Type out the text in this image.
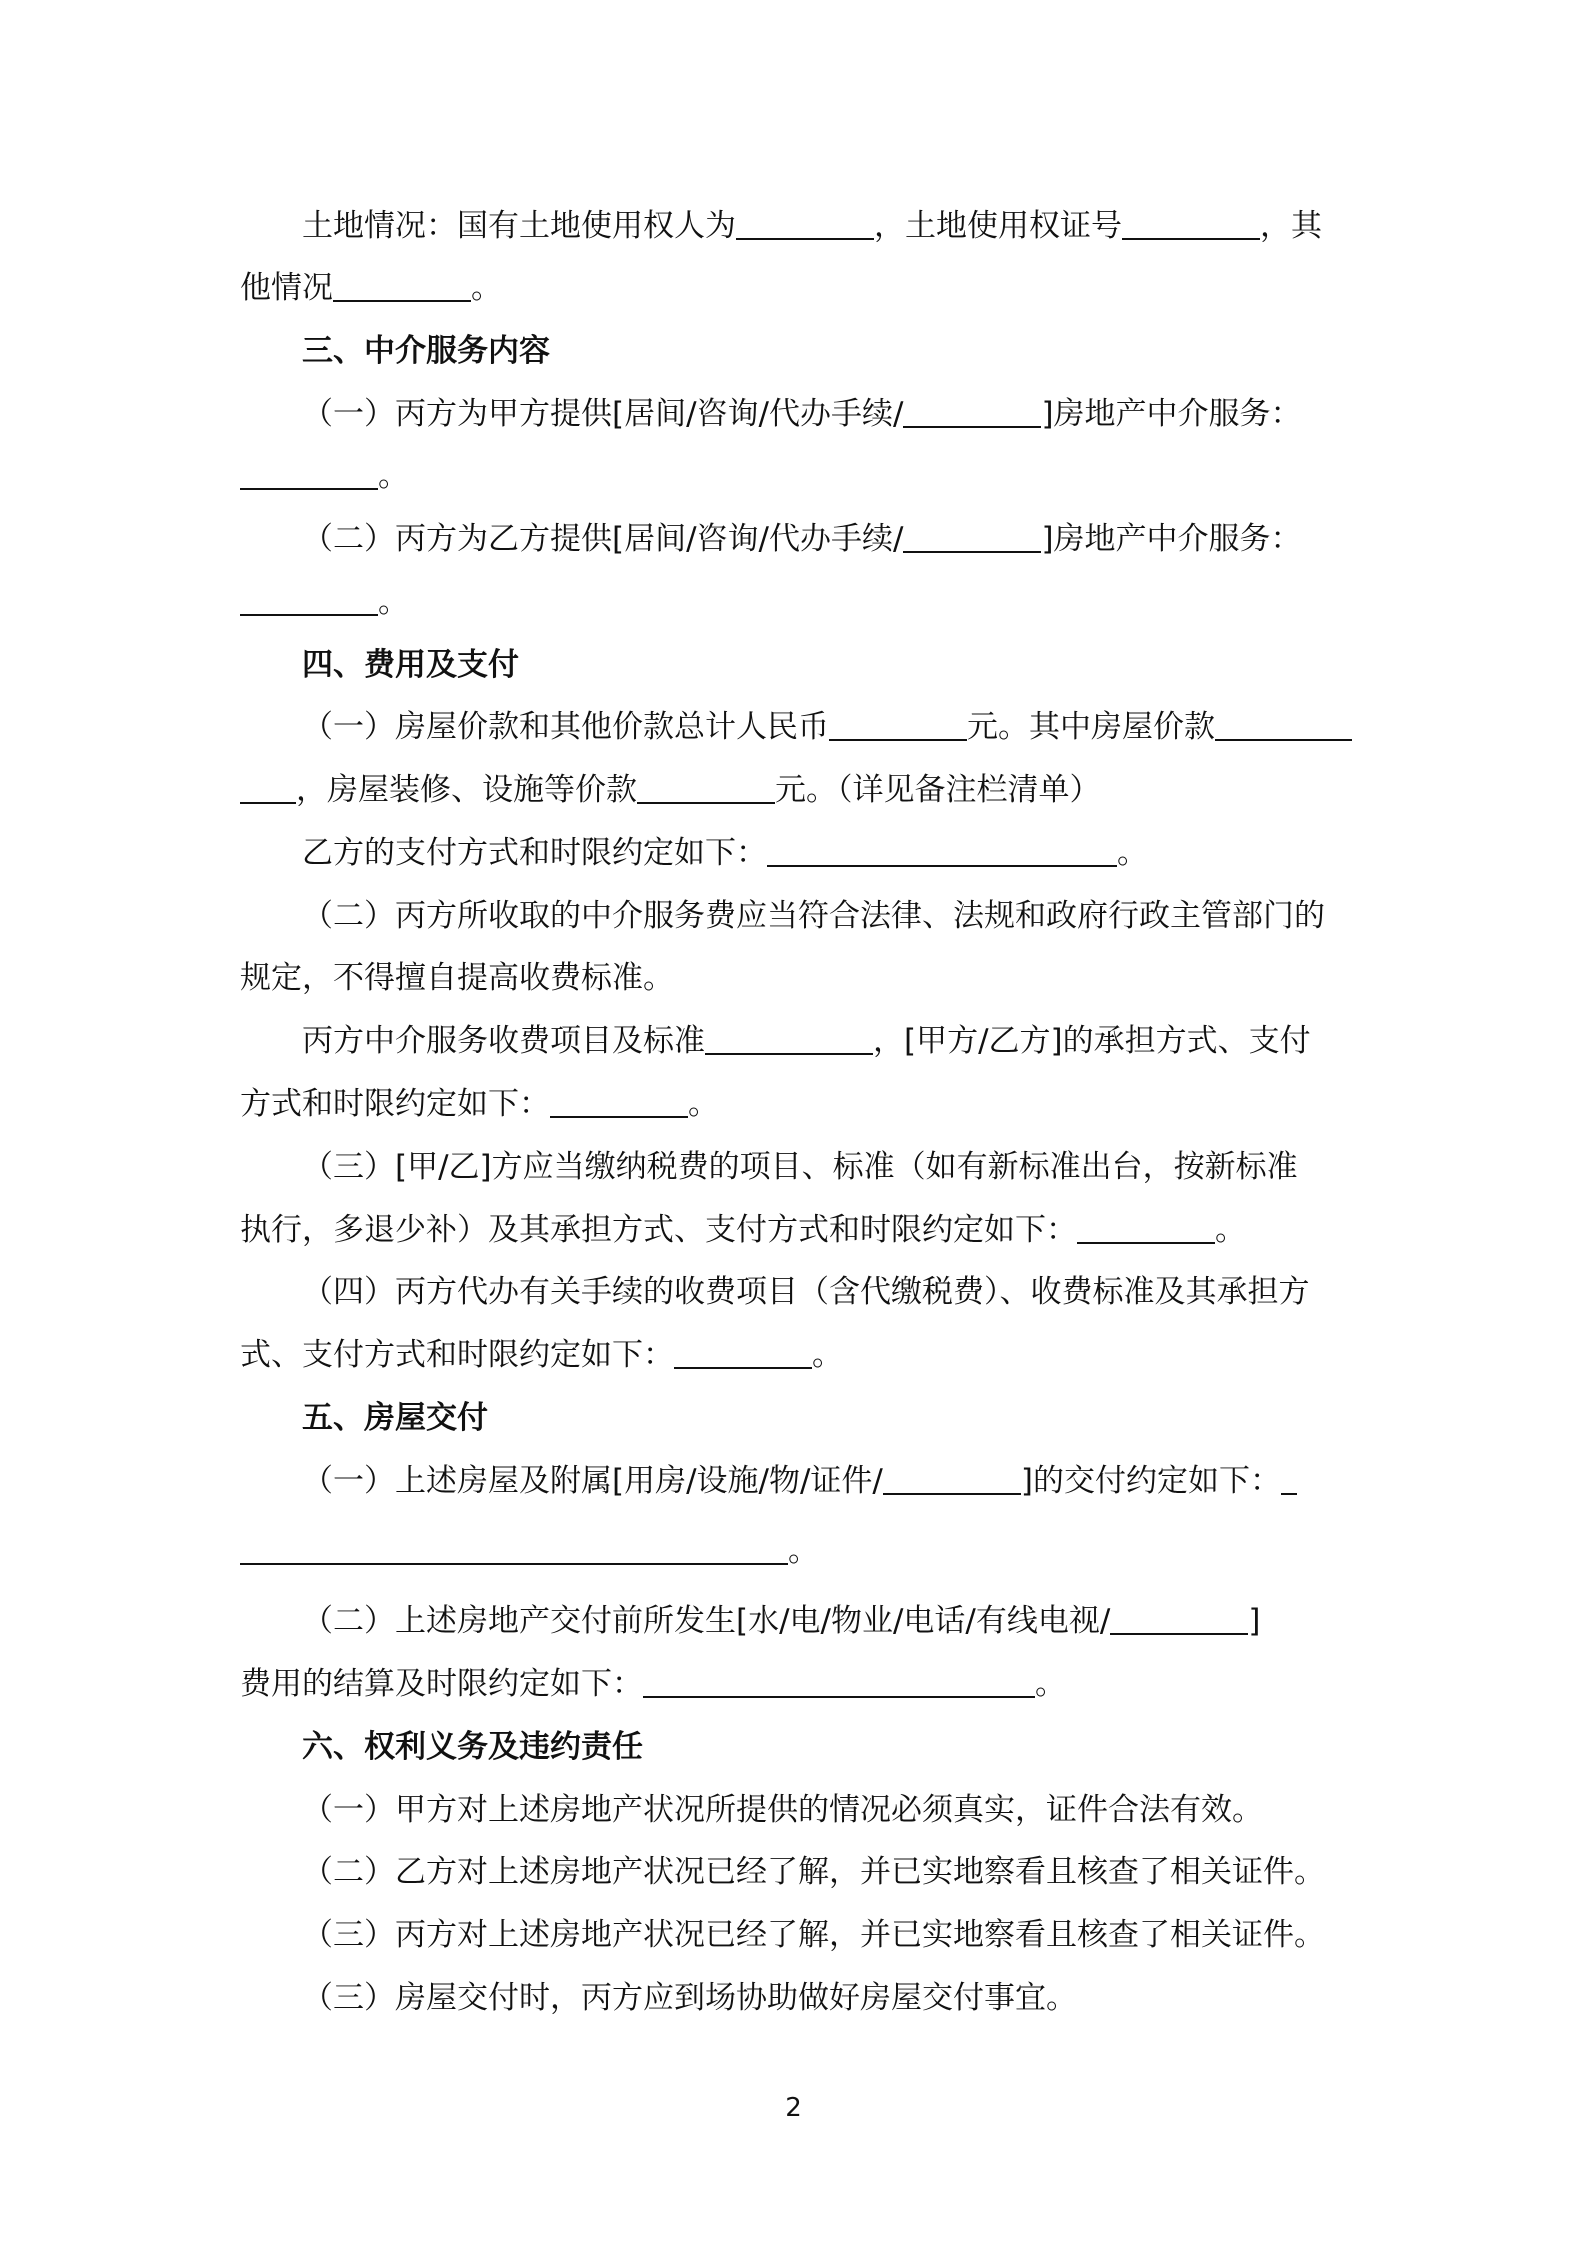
土地情况：国有土地使用权人为	，土地使用权证号	，其
他情况	。
三、中介服务内容
（一）丙方为甲方提供[居间/咨询/代办手续/	]房地产中介服务：
。
（二）丙方为乙方提供[居间/咨询/代办手续/	]房地产中介服务：
。
四、费用及支付
（一）房屋价款和其他价款总计人民币	元。其中房屋价款
，房屋装修、设施等价款	元。（详见备注栏清单）
乙方的支付方式和时限约定如下：	。
（二）丙方所收取的中介服务费应当符合法律、法规和政府行政主管部门的
规定，不得擅自提高收费标准。
丙方中介服务收费项目及标准	，[甲方/乙方]的承担方式、支付
方式和时限约定如下：	。
（三）[甲/乙]方应当缴纳税费的项目、标准（如有新标准出台，按新标准
执行，多退少补）及其承担方式、支付方式和时限约定如下：	。
（四）丙方代办有关手续的收费项目（含代缴税费）、收费标准及其承担方
式、支付方式和时限约定如下：	。
五、房屋交付
（一）上述房屋及附属[用房/设施/物/证件/	]的交付约定如下：
。
（二）上述房地产交付前所发生[水/电/物业/电话/有线电视/	]
费用的结算及时限约定如下：	。
六、权利义务及违约责任
（一）甲方对上述房地产状况所提供的情况必须真实，证件合法有效。
（二）乙方对上述房地产状况已经了解，并已实地察看且核查了相关证件。
（三）丙方对上述房地产状况已经了解，并已实地察看且核查了相关证件。
（三）房屋交付时，丙方应到场协助做好房屋交付事宜。
2
